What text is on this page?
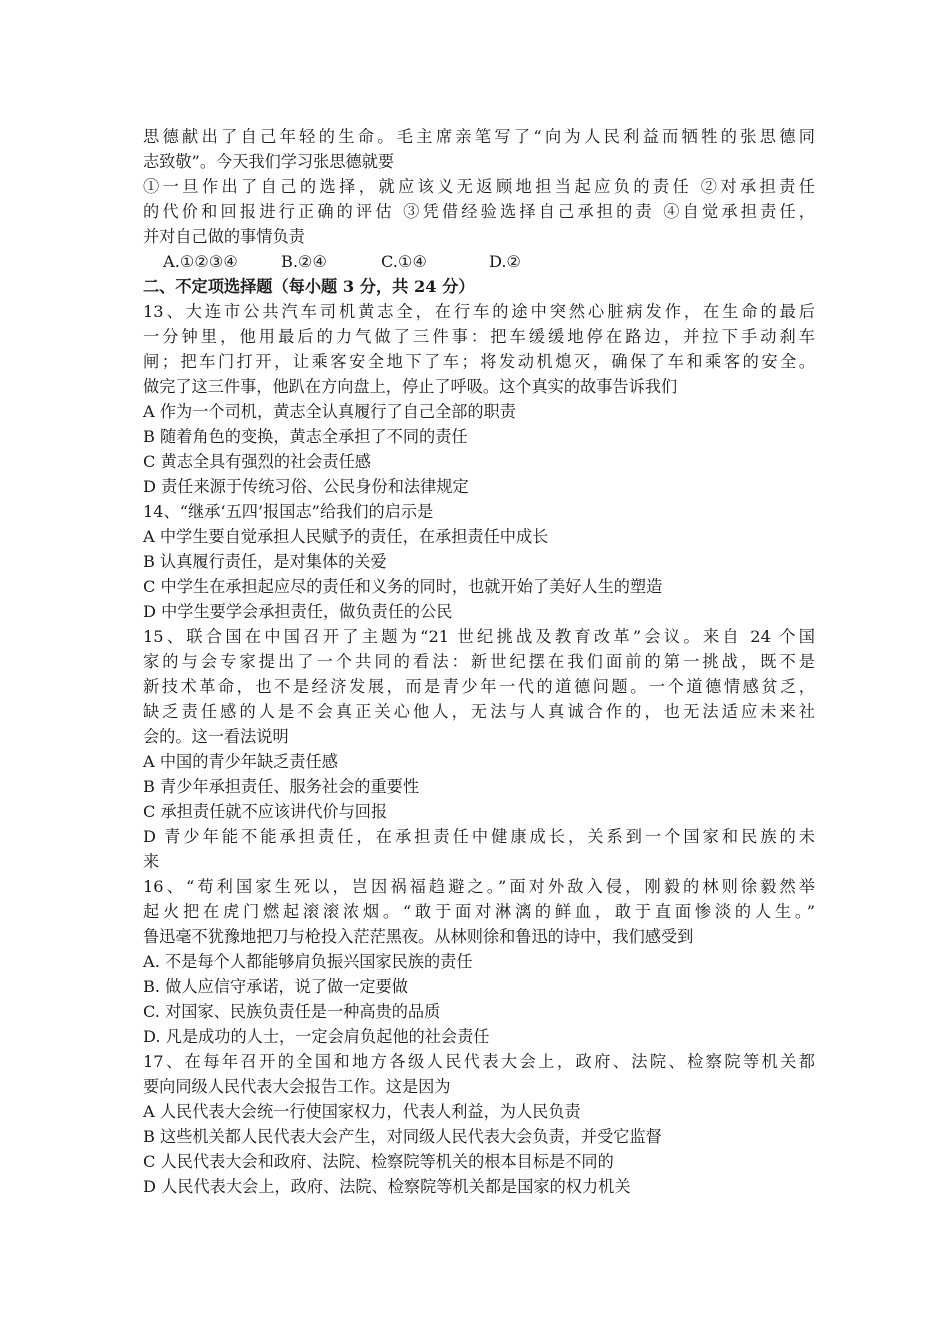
思德献出了自己年轻的生命。毛主席亲笔写了“向为人民利益而牺牲的张思德同
志致敬”。今天我们学习张思德就要
①一旦作出了自己的选择，就应该义无返顾地担当起应负的责任 ②对承担责任
的代价和回报进行正确的评估 ③凭借经验选择自己承担的责 ④自觉承担责任，
并对自己做的事情负责
A.①②③④	B.②④	C.①④	D.②
二、不定项选择题（每小题 3 分，共 24 分）
13、大连市公共汽车司机黄志全，在行车的途中突然心脏病发作，在生命的最后
一分钟里，他用最后的力气做了三件事：把车缓缓地停在路边，并拉下手动刹车
闸；把车门打开，让乘客安全地下了车；将发动机熄灭，确保了车和乘客的安全。
做完了这三件事，他趴在方向盘上，停止了呼吸。这个真实的故事告诉我们
A 作为一个司机，黄志全认真履行了自己全部的职责
B 随着角色的变换，黄志全承担了不同的责任
C 黄志全具有强烈的社会责任感
D 责任来源于传统习俗、公民身份和法律规定
14、“继承‘五四’报国志”给我们的启示是
A 中学生要自觉承担人民赋予的责任，在承担责任中成长
B 认真履行责任，是对集体的关爱
C 中学生在承担起应尽的责任和义务的同时，也就开始了美好人生的塑造
D 中学生要学会承担责任，做负责任的公民
15、联合国在中国召开了主题为“21 世纪挑战及教育改革”会议。来自 24 个国
家的与会专家提出了一个共同的看法：新世纪摆在我们面前的第一挑战，既不是
新技术革命，也不是经济发展，而是青少年一代的道德问题。一个道德情感贫乏，
缺乏责任感的人是不会真正关心他人，无法与人真诚合作的，也无法适应未来社
会的。这一看法说明
A 中国的青少年缺乏责任感
B 青少年承担责任、服务社会的重要性
C 承担责任就不应该讲代价与回报
D 青少年能不能承担责任，在承担责任中健康成长，关系到一个国家和民族的未
来
16、“苟利国家生死以，岂因祸福趋避之。”面对外敌入侵，刚毅的林则徐毅然举
起火把在虎门燃起滚滚浓烟。“敢于面对淋漓的鲜血，敢于直面惨淡的人生。”
鲁迅毫不犹豫地把刀与枪投入茫茫黑夜。从林则徐和鲁迅的诗中，我们感受到
A. 不是每个人都能够肩负振兴国家民族的责任
B. 做人应信守承诺，说了做一定要做
C. 对国家、民族负责任是一种高贵的品质
D. 凡是成功的人士，一定会肩负起他的社会责任
17、在每年召开的全国和地方各级人民代表大会上，政府、法院、检察院等机关都
要向同级人民代表大会报告工作。这是因为
A 人民代表大会统一行使国家权力，代表人利益，为人民负责
B 这些机关都人民代表大会产生，对同级人民代表大会负责，并受它监督
C 人民代表大会和政府、法院、检察院等机关的根本目标是不同的
D 人民代表大会上，政府、法院、检察院等机关都是国家的权力机关
